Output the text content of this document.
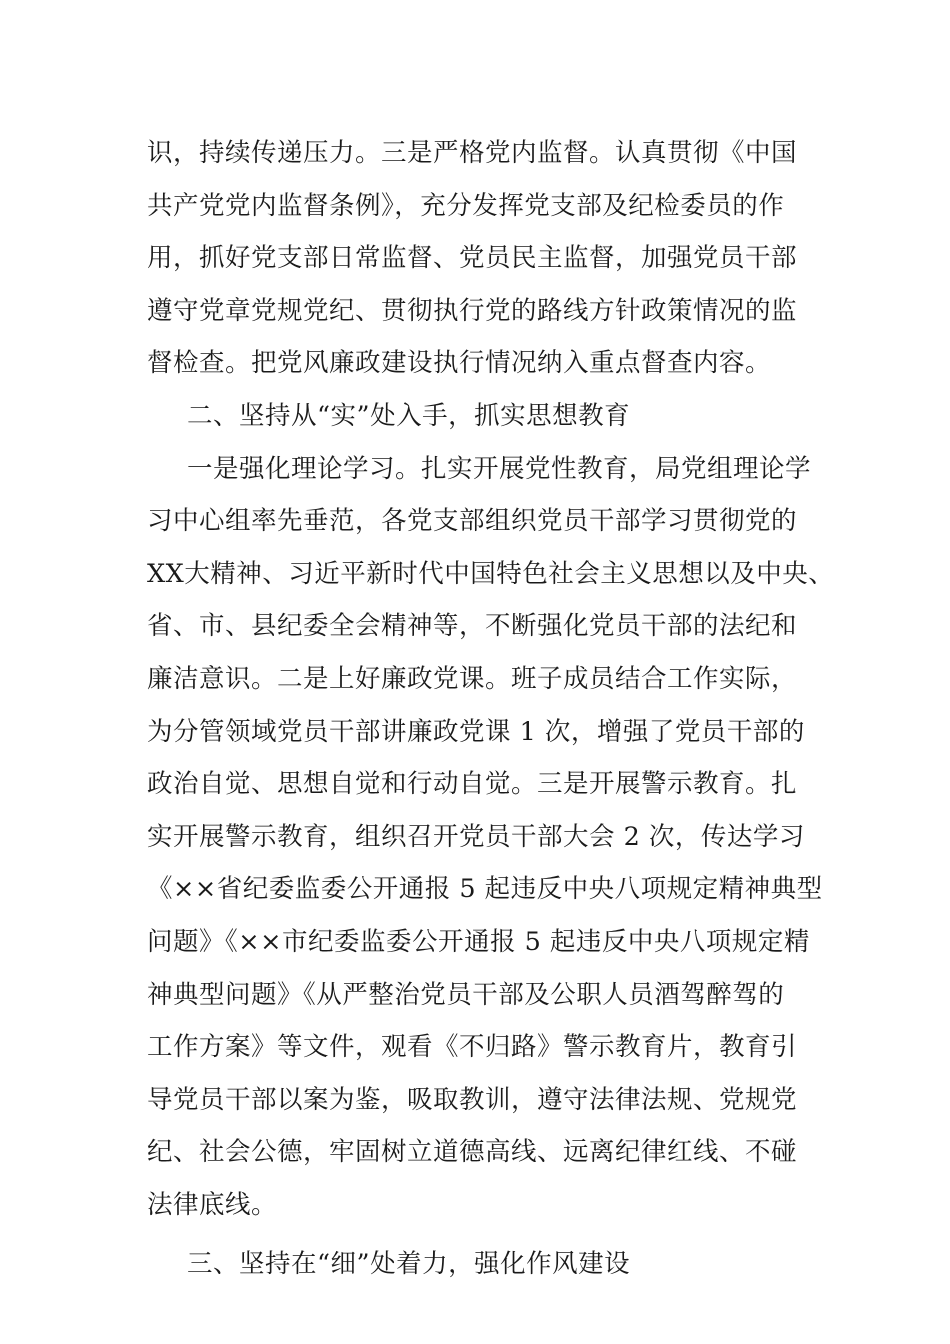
识，持续传递压力。三是严格党内监督。认真贯彻《中国
共产党党内监督条例》，充分发挥党支部及纪检委员的作
用，抓好党支部日常监督、党员民主监督，加强党员干部
遵守党章党规党纪、贯彻执行党的路线方针政策情况的监
督检查。把党风廉政建设执行情况纳入重点督查内容。
二、坚持从“实”处入手，抓实思想教育
一是强化理论学习。扎实开展党性教育，局党组理论学
习中心组率先垂范，各党支部组织党员干部学习贯彻党的
XX大精神、习近平新时代中国特色社会主义思想以及中央、
省、市、县纪委全会精神等，不断强化党员干部的法纪和
廉洁意识。二是上好廉政党课。班子成员结合工作实际，
为分管领域党员干部讲廉政党课 1 次，增强了党员干部的
政治自觉、思想自觉和行动自觉。三是开展警示教育。扎
实开展警示教育，组织召开党员干部大会 2 次，传达学习
《××省纪委监委公开通报 5 起违反中央八项规定精神典型
问题》《××市纪委监委公开通报 5 起违反中央八项规定精
神典型问题》《从严整治党员干部及公职人员酒驾醉驾的
工作方案》等文件，观看《不归路》警示教育片，教育引
导党员干部以案为鉴，吸取教训，遵守法律法规、党规党
纪、社会公德，牢固树立道德高线、远离纪律红线、不碰
法律底线。
三、坚持在“细”处着力，强化作风建设
